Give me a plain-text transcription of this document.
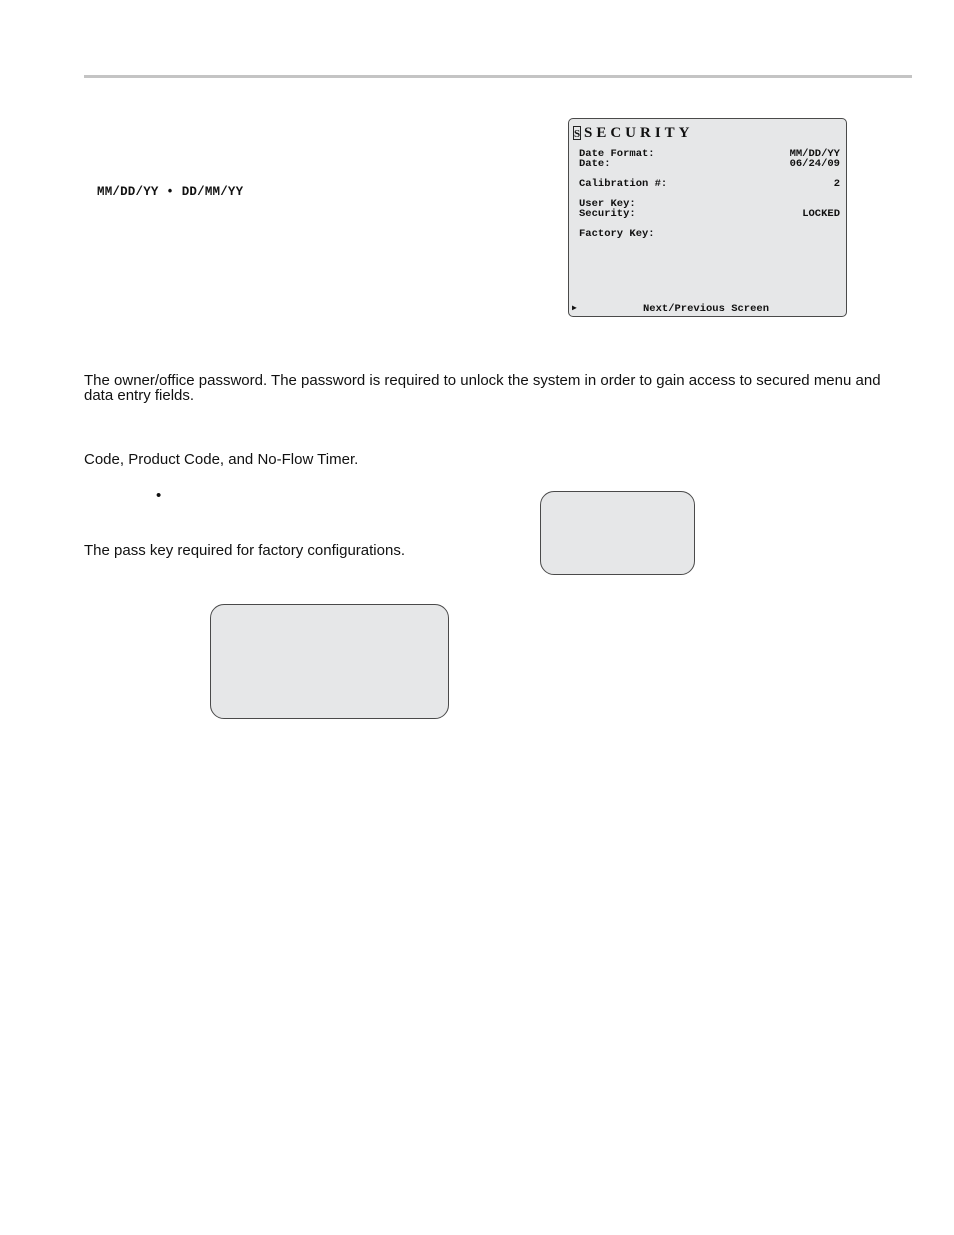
MM/DD/YY • DD/MM/YY
S SECURITY
Date Format:	MM/DD/YY
Date:	06/24/09
Calibration #:	2
User Key:
Security:	LOCKED
Factory Key:
▶	Next/Previous Screen
The owner/office password. The password is required to unlock the system in order to gain access to secured menu and data entry fields.
Code, Product Code, and No-Flow Timer.
•
The pass key required for factory configurations.
